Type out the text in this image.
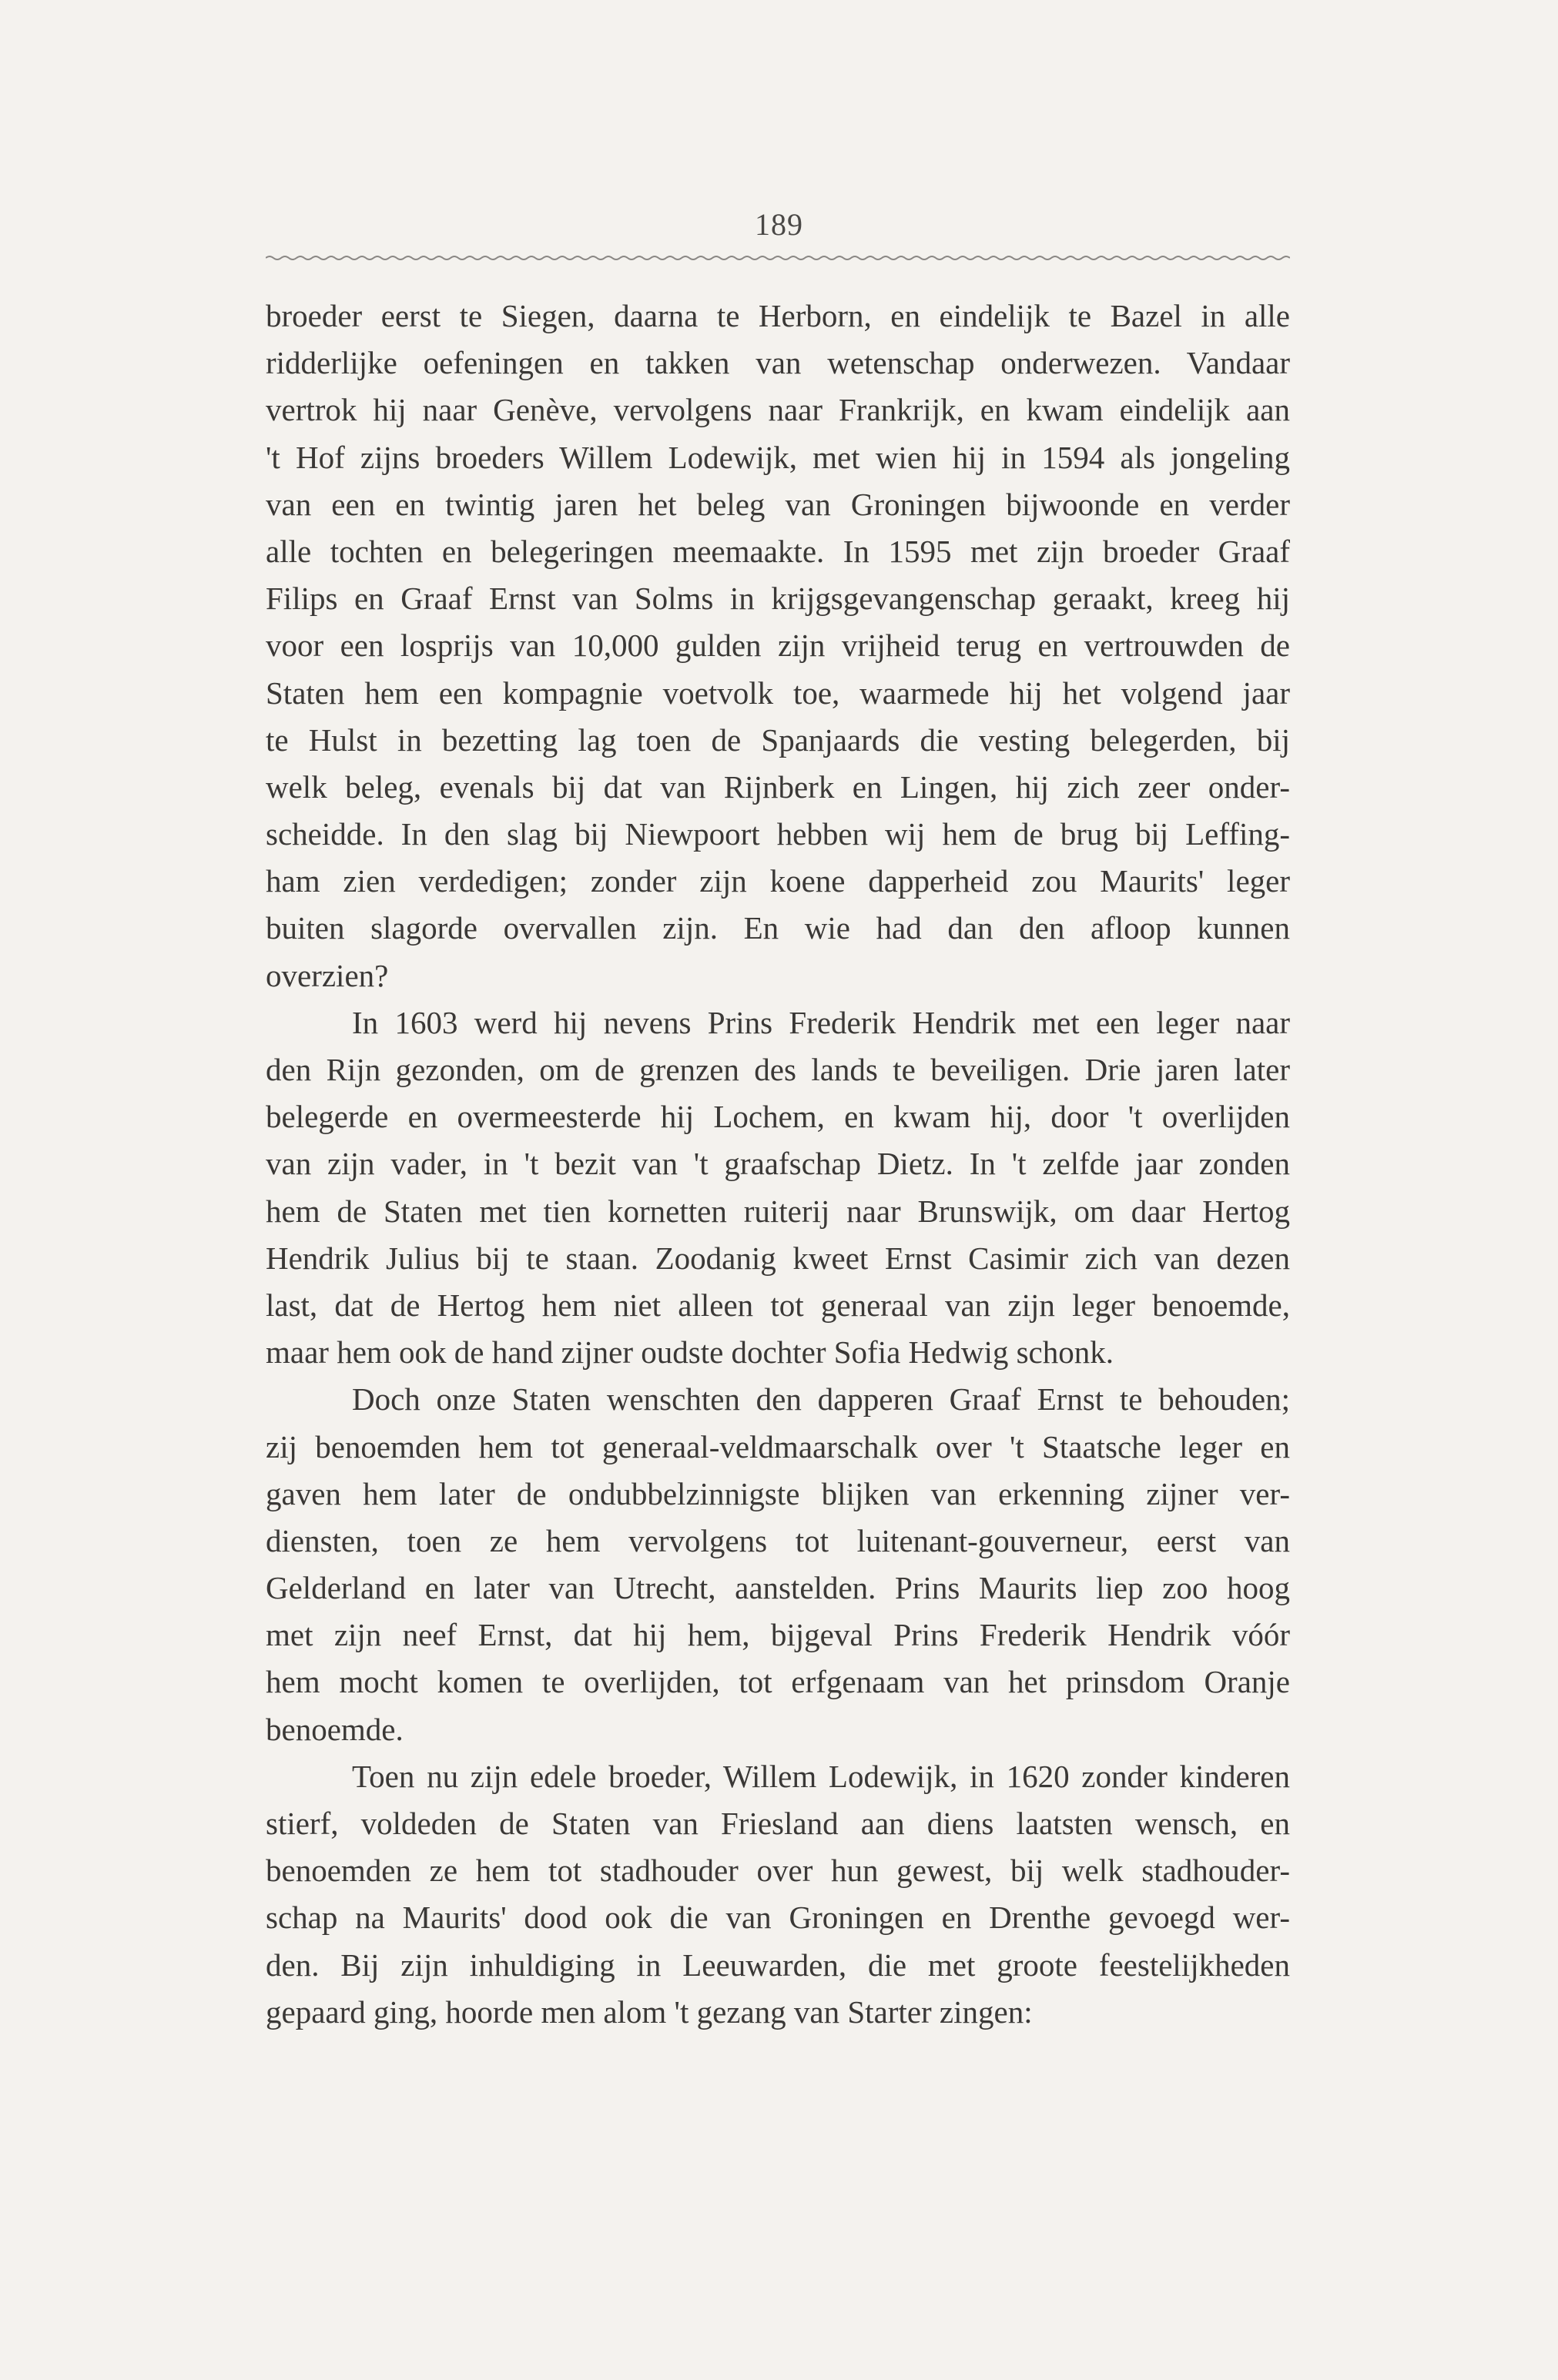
189
broeder eerst te Siegen, daarna te Herborn, en eindelijk te Bazel in alle
ridderlijke oefeningen en takken van wetenschap onderwezen. Vandaar
vertrok hij naar Genève, vervolgens naar Frankrijk, en kwam eindelijk aan
't Hof zijns broeders Willem Lodewijk, met wien hij in 1594 als jongeling
van een en twintig jaren het beleg van Groningen bijwoonde en verder
alle tochten en belegeringen meemaakte. In 1595 met zijn broeder Graaf
Filips en Graaf Ernst van Solms in krijgsgevangenschap geraakt, kreeg hij
voor een losprijs van 10,000 gulden zijn vrijheid terug en vertrouwden de
Staten hem een kompagnie voetvolk toe, waarmede hij het volgend jaar
te Hulst in bezetting lag toen de Spanjaards die vesting belegerden, bij
welk beleg, evenals bij dat van Rijnberk en Lingen, hij zich zeer onder-
scheidde. In den slag bij Niewpoort hebben wij hem de brug bij Leffing-
ham zien verdedigen; zonder zijn koene dapperheid zou Maurits' leger
buiten slagorde overvallen zijn. En wie had dan den afloop kunnen
overzien?
In 1603 werd hij nevens Prins Frederik Hendrik met een leger naar
den Rijn gezonden, om de grenzen des lands te beveiligen. Drie jaren later
belegerde en overmeesterde hij Lochem, en kwam hij, door 't overlijden
van zijn vader, in 't bezit van 't graafschap Dietz. In 't zelfde jaar zonden
hem de Staten met tien kornetten ruiterij naar Brunswijk, om daar Hertog
Hendrik Julius bij te staan. Zoodanig kweet Ernst Casimir zich van dezen
last, dat de Hertog hem niet alleen tot generaal van zijn leger benoemde,
maar hem ook de hand zijner oudste dochter Sofia Hedwig schonk.
Doch onze Staten wenschten den dapperen Graaf Ernst te behouden;
zij benoemden hem tot generaal-veldmaarschalk over 't Staatsche leger en
gaven hem later de ondubbelzinnigste blijken van erkenning zijner ver-
diensten, toen ze hem vervolgens tot luitenant-gouverneur, eerst van
Gelderland en later van Utrecht, aanstelden. Prins Maurits liep zoo hoog
met zijn neef Ernst, dat hij hem, bijgeval Prins Frederik Hendrik vóór
hem mocht komen te overlijden, tot erfgenaam van het prinsdom Oranje
benoemde.
Toen nu zijn edele broeder, Willem Lodewijk, in 1620 zonder kinderen
stierf, voldeden de Staten van Friesland aan diens laatsten wensch, en
benoemden ze hem tot stadhouder over hun gewest, bij welk stadhouder-
schap na Maurits' dood ook die van Groningen en Drenthe gevoegd wer-
den. Bij zijn inhuldiging in Leeuwarden, die met groote feestelijkheden
gepaard ging, hoorde men alom 't gezang van Starter zingen:
